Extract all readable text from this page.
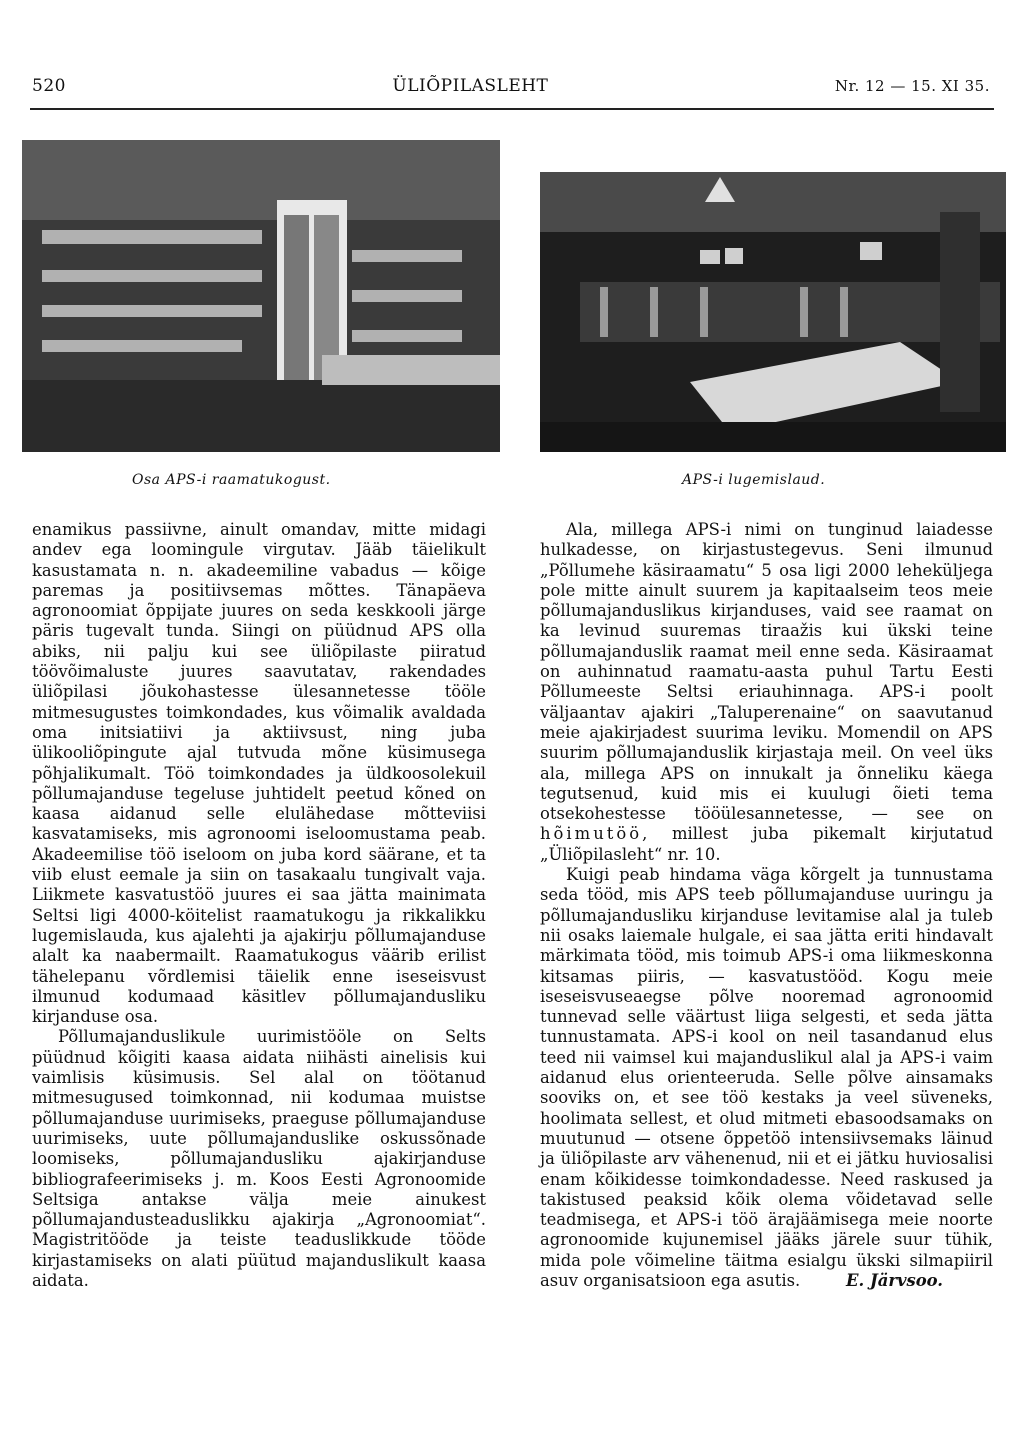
520	ÜLIÕPILASLEHT	Nr. 12 — 15. XI 35.
Osa APS-i raamatukogust.	APS-i lugemislaud.

enamikus passiivne, ainult omandav, mitte midagi andev ega loomingule virgutav. Jääb täielikult kasustamata n. n. akadeemiline vabadus — kõige paremas ja positiivsemas mõttes. Tänapäeva agronoomiat õppijate juures on seda keskkooli järge päris tugevalt tunda. Siingi on püüdnud APS olla abiks, nii palju kui see üliõpilaste piiratud töövõimaluste juures saavutatav, rakendades üliõpilasi jõukohastesse ülesannetesse tööle mitmesugustes toimkondades, kus võimalik avaldada oma initsiatiivi ja aktiivsust, ning juba ülikooliõpingute ajal tutvuda mõne küsimusega põhjalikumalt. Töö toimkondades ja üldkoosolekuil põllumajanduse tegeluse juhtidelt peetud kõned on kaasa aidanud selle elulähedase mõtteviisi kasvatamiseks, mis agronoomi iseloomustama peab. Akadeemilise töö iseloom on juba kord säärane, et ta viib elust eemale ja siin on tasakaalu tungivalt vaja. Liikmete kasvatustöö juures ei saa jätta mainimata Seltsi ligi 4000-köitelist raamatukogu ja rikkalikku lugemislauda, kus ajalehti ja ajakirju põllumajanduse alalt ka naabermailt. Raamatukogus väärib erilist tähelepanu võrdlemisi täielik enne iseseisvust ilmunud kodumaad käsitlev põllumajandusliku kirjanduse osa.

Põllumajanduslikule uurimistööle on Selts püüdnud kõigiti kaasa aidata niihästi ainelisis kui vaimlisis küsimusis. Sel alal on töötanud mitmesugused toimkonnad, nii kodumaa muistse põllumajanduse uurimiseks, praeguse põllumajanduse uurimiseks, uute põllumajanduslike oskussõnade loomiseks, põllumajandusliku ajakirjanduse bibliografeerimiseks j. m. Koos Eesti Agronoomide Seltsiga antakse välja meie ainukest põllumajandusteaduslikku ajakirja „Agronoomiat“. Magistritööde ja teiste teaduslikkude tööde kirjastamiseks on alati püütud majanduslikult kaasa aidata.

Ala, millega APS-i nimi on tunginud laiadesse hulkadesse, on kirjastustegevus. Seni ilmunud „Põllumehe käsiraamatu“ 5 osa ligi 2000 leheküljega pole mitte ainult suurem ja kapitaalseim teos meie põllumajanduslikus kirjanduses, vaid see raamat on ka levinud suuremas tiraažis kui ükski teine põllumajanduslik raamat meil enne seda. Käsiraamat on auhinnatud raamatu-aasta puhul Tartu Eesti Põllumeeste Seltsi eriauhinnaga. APS-i poolt väljaantav ajakiri „Taluperenaine“ on saavutanud meie ajakirjadest suurima leviku. Momendil on APS suurim põllumajanduslik kirjastaja meil. On veel üks ala, millega APS on innukalt ja õnneliku käega tegutsenud, kuid mis ei kuulugi õieti tema otsekohestesse tööülesannetesse, — see on hõimutöö, millest juba pikemalt kirjutatud „Üliõpilasleht“ nr. 10.

Kuigi peab hindama väga kõrgelt ja tunnustama seda tööd, mis APS teeb põllumajanduse uuringu ja põllumajandusliku kirjanduse levitamise alal ja tuleb nii osaks laiemale hulgale, ei saa jätta eriti hindavalt märkimata tööd, mis toimub APS-i oma liikmeskonna kitsamas piiris, — kasvatustööd. Kogu meie iseseisvuseaegse põlve nooremad agronoomid tunnevad selle väärtust liiga selgesti, et seda jätta tunnustamata. APS-i kool on neil tasandanud elus teed nii vaimsel kui majanduslikul alal ja APS-i vaim aidanud elus orienteeruda. Selle põlve ainsamaks sooviks on, et see töö kestaks ja veel süveneks, hoolimata sellest, et olud mitmeti ebasoodsamaks on muutunud — otsene õppetöö intensiivsemaks läinud ja üliõpilaste arv vähenenud, nii et ei jätku huviosalisi enam kõikidesse toimkondadesse. Need raskused ja takistused peaksid kõik olema võidetavad selle teadmisega, et APS-i töö ärajäämisega meie noorte agronoomide kujunemisel jääks järele suur tühik, mida pole võimeline täitma esialgu ükski silmapiiril asuv organisatsioon ega asutis.	E. Järvsoo.
